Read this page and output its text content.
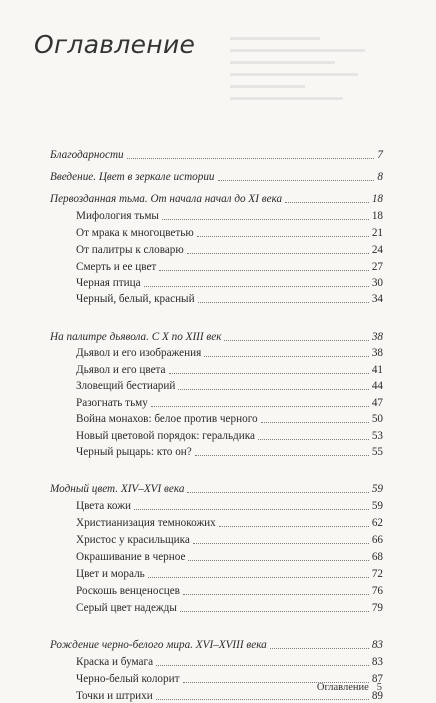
Оглавление
Благодарности	7
Введение. Цвет в зеркале истории	8
Первозданная тьма. От начала начал до XI века	18
Мифология тьмы	18
От мрака к многоцветью	21
От палитры к словарю	24
Смерть и ее цвет	27
Черная птица	30
Черный, белый, красный	34
На палитре дьявола. С X по XIII век	38
Дьявол и его изображения	38
Дьявол и его цвета	41
Зловещий бестиарий	44
Разогнать тьму	47
Война монахов: белое против черного	50
Новый цветовой порядок: геральдика	53
Черный рыцарь: кто он?	55
Модный цвет. XIV–XVI века	59
Цвета кожи	59
Христианизация темнокожих	62
Христос у красильщика	66
Окрашивание в черное	68
Цвет и мораль	72
Роскошь венценосцев	76
Серый цвет надежды	79
Рождение черно-белого мира. XVI–XVIII века	83
Краска и бумага	83
Черно-белый колорит	87
Точки и штрихи	89
Оглавление 5
